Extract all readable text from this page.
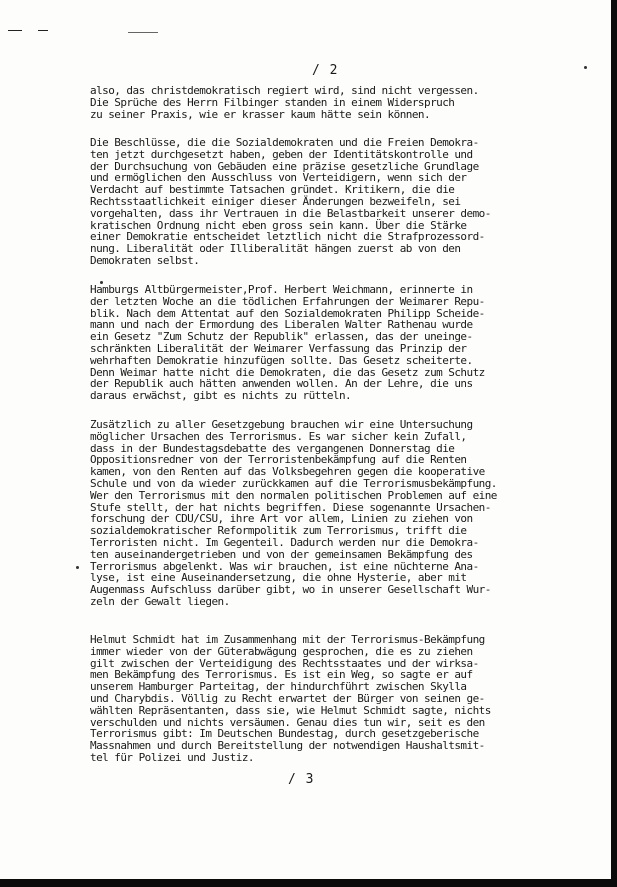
/ 2
also, das christdemokratisch regiert wird, sind nicht vergessen.
Die Sprüche des Herrn Filbinger standen in einem Widerspruch
zu seiner Praxis, wie er krasser kaum hätte sein können.
Die Beschlüsse, die die Sozialdemokraten und die Freien Demokra-
ten jetzt durchgesetzt haben, geben der Identitätskontrolle und
der Durchsuchung von Gebäuden eine präzise gesetzliche Grundlage
und ermöglichen den Ausschluss von Verteidigern, wenn sich der
Verdacht auf bestimmte Tatsachen gründet. Kritikern, die die
Rechtsstaatlichkeit einiger dieser Änderungen bezweifeln, sei
vorgehalten, dass ihr Vertrauen in die Belastbarkeit unserer demo-
kratischen Ordnung nicht eben gross sein kann. Über die Stärke
einer Demokratie entscheidet letztlich nicht die Strafprozessord-
nung. Liberalität oder Illiberalität hängen zuerst ab von den
Demokraten selbst.
Hamburgs Altbürgermeister,Prof. Herbert Weichmann, erinnerte in
der letzten Woche an die tödlichen Erfahrungen der Weimarer Repu-
blik. Nach dem Attentat auf den Sozialdemokraten Philipp Scheide-
mann und nach der Ermordung des Liberalen Walter Rathenau wurde
ein Gesetz "Zum Schutz der Republik" erlassen, das der uneinge-
schränkten Liberalität der Weimarer Verfassung das Prinzip der
wehrhaften Demokratie hinzufügen sollte. Das Gesetz scheiterte.
Denn Weimar hatte nicht die Demokraten, die das Gesetz zum Schutz
der Republik auch hätten anwenden wollen. An der Lehre, die uns
daraus erwächst, gibt es nichts zu rütteln.
Zusätzlich zu aller Gesetzgebung brauchen wir eine Untersuchung
möglicher Ursachen des Terrorismus. Es war sicher kein Zufall,
dass in der Bundestagsdebatte des vergangenen Donnerstag die
Oppositionsredner von der Terroristenbekämpfung auf die Renten
kamen, von den Renten auf das Volksbegehren gegen die kooperative
Schule und von da wieder zurückkamen auf die Terrorismusbekämpfung.
Wer den Terrorismus mit den normalen politischen Problemen auf eine
Stufe stellt, der hat nichts begriffen. Diese sogenannte Ursachen-
forschung der CDU/CSU, ihre Art vor allem, Linien zu ziehen von
sozialdemokratischer Reformpolitik zum Terrorismus, trifft die
Terroristen nicht. Im Gegenteil. Dadurch werden nur die Demokra-
ten auseinandergetrieben und von der gemeinsamen Bekämpfung des
Terrorismus abgelenkt. Was wir brauchen, ist eine nüchterne Ana-
lyse, ist eine Auseinandersetzung, die ohne Hysterie, aber mit
Augenmass Aufschluss darüber gibt, wo in unserer Gesellschaft Wur-
zeln der Gewalt liegen.
Helmut Schmidt hat im Zusammenhang mit der Terrorismus-Bekämpfung
immer wieder von der Güterabwägung gesprochen, die es zu ziehen
gilt zwischen der Verteidigung des Rechtsstaates und der wirksa-
men Bekämpfung des Terrorismus. Es ist ein Weg, so sagte er auf
unserem Hamburger Parteitag, der hindurchführt zwischen Skylla
und Charybdis. Völlig zu Recht erwartet der Bürger von seinen ge-
wählten Repräsentanten, dass sie, wie Helmut Schmidt sagte, nichts
verschulden und nichts versäumen. Genau dies tun wir, seit es den
Terrorismus gibt: Im Deutschen Bundestag, durch gesetzgeberische
Massnahmen und durch Bereitstellung der notwendigen Haushaltsmit-
tel für Polizei und Justiz.
/ 3
